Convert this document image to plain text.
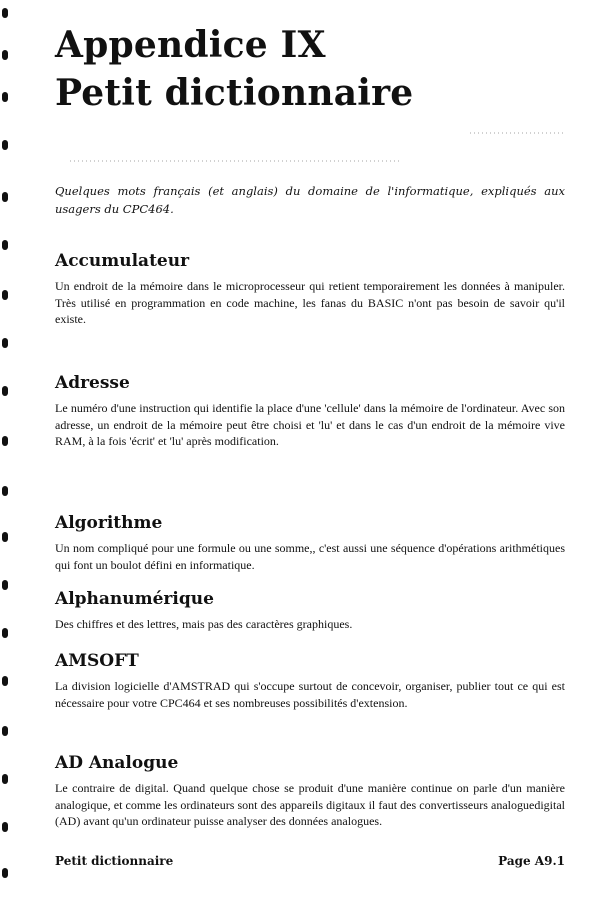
Appendice IX
Petit dictionnaire

Quelques mots français (et anglais) du domaine de l'informatique, expliqués aux usagers du CPC464.

Accumulateur

Un endroit de la mémoire dans le microprocesseur qui retient temporairement les données à manipuler. Très utilisé en programmation en code machine, les fanas du BASIC n'ont pas besoin de savoir qu'il existe.

Adresse

Le numéro d'une instruction qui identifie la place d'une 'cellule' dans la mémoire de l'ordinateur. Avec son adresse, un endroit de la mémoire peut être choisi et 'lu' et dans le cas d'un endroit de la mémoire vive RAM, à la fois 'écrit' et 'lu' après modification.

Algorithme

Un nom compliqué pour une formule ou une somme,, c'est aussi une séquence d'opérations arithmétiques qui font un boulot défini en informatique.

Alphanumérique

Des chiffres et des lettres, mais pas des caractères graphiques.

AMSOFT

La division logicielle d'AMSTRAD qui s'occupe surtout de concevoir, organiser, publier tout ce qui est nécessaire pour votre CPC464 et ses nombreuses possibilités d'extension.

AD Analogue

Le contraire de digital. Quand quelque chose se produit d'une manière continue on parle d'un manière analogique, et comme les ordinateurs sont des appareils digitaux il faut des convertisseurs analoguedigital (AD) avant qu'un ordinateur puisse analyser des données analogues.

Petit dictionnaire	Page A9.1
